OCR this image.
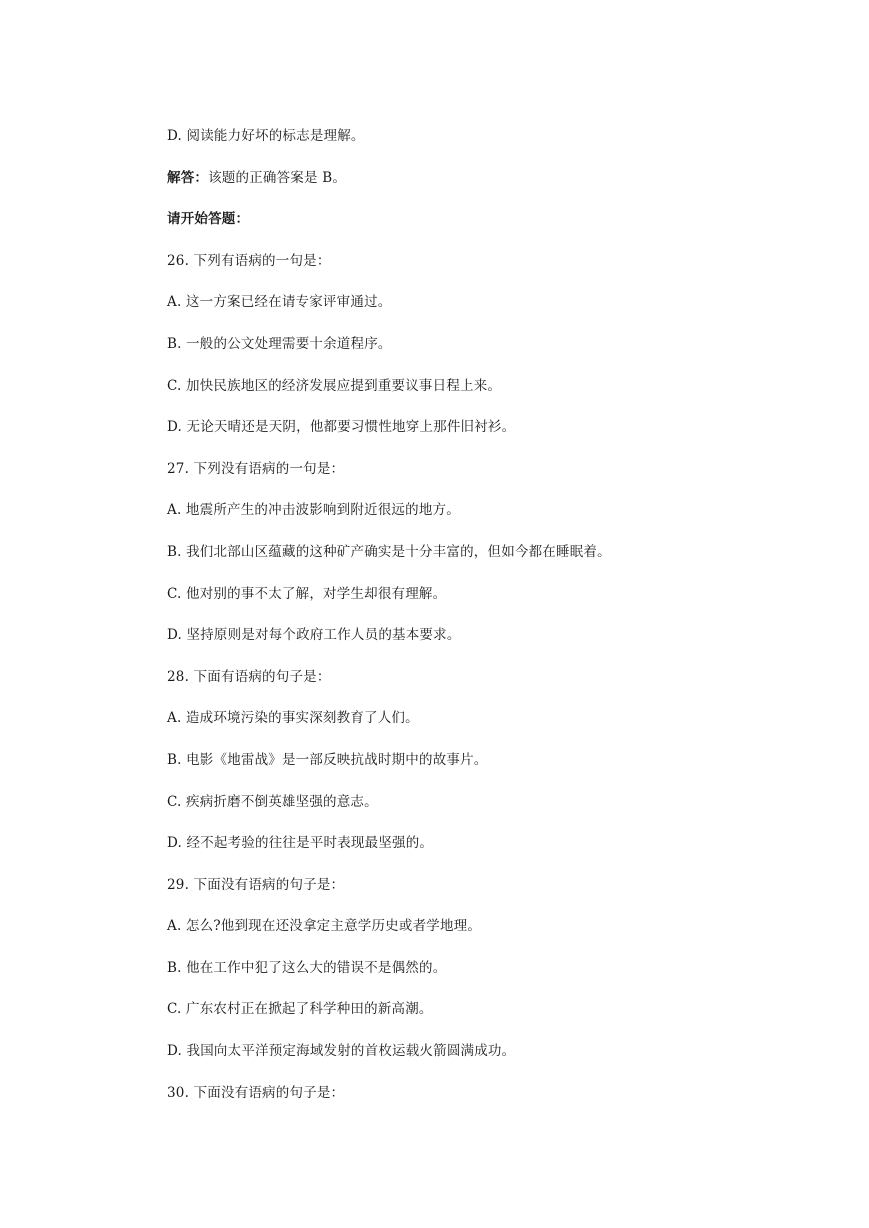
D. 阅读能力好坏的标志是理解。
解答：该题的正确答案是 B。
请开始答题：
26. 下列有语病的一句是：
A. 这一方案已经在请专家评审通过。
B. 一般的公文处理需要十余道程序。
C. 加快民族地区的经济发展应提到重要议事日程上来。
D. 无论天晴还是天阴，他都要习惯性地穿上那件旧衬衫。
27. 下列没有语病的一句是：
A. 地震所产生的冲击波影响到附近很远的地方。
B. 我们北部山区蕴藏的这种矿产确实是十分丰富的，但如今都在睡眠着。
C. 他对别的事不太了解，对学生却很有理解。
D. 坚持原则是对每个政府工作人员的基本要求。
28. 下面有语病的句子是：
A. 造成环境污染的事实深刻教育了人们。
B. 电影《地雷战》是一部反映抗战时期中的故事片。
C. 疾病折磨不倒英雄坚强的意志。
D. 经不起考验的往往是平时表现最坚强的。
29. 下面没有语病的句子是：
A. 怎么?他到现在还没拿定主意学历史或者学地理。
B. 他在工作中犯了这么大的错误不是偶然的。
C. 广东农村正在掀起了科学种田的新高潮。
D. 我国向太平洋预定海域发射的首枚运载火箭圆满成功。
30. 下面没有语病的句子是：
